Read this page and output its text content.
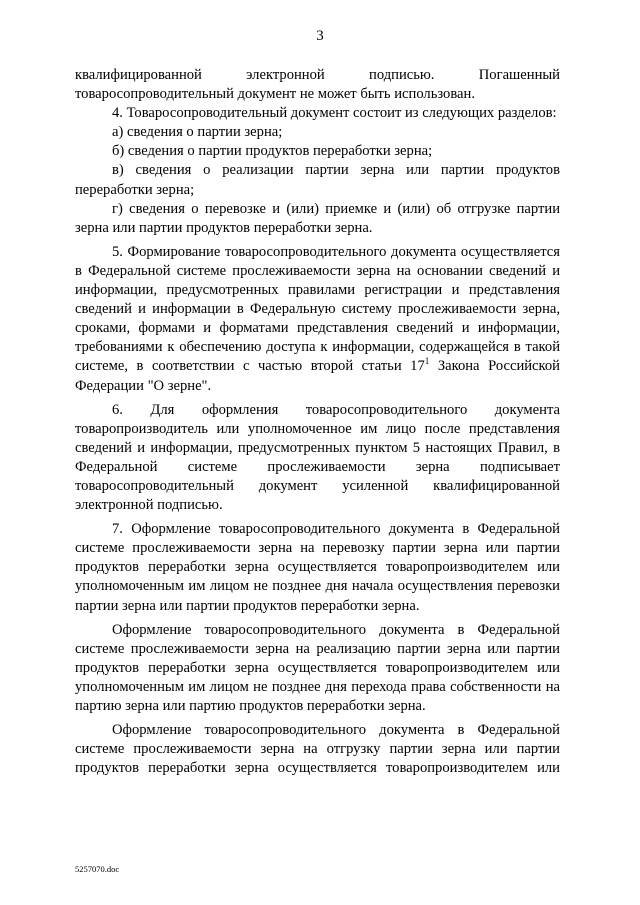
3

квалифицированной электронной подписью. Погашенный товаросопроводительный документ не может быть использован.

4. Товаросопроводительный документ состоит из следующих разделов:

а) сведения о партии зерна;

б) сведения о партии продуктов переработки зерна;

в) сведения о реализации партии зерна или партии продуктов переработки зерна;

г) сведения о перевозке и (или) приемке и (или) об отгрузке партии зерна или партии продуктов переработки зерна.

5. Формирование товаросопроводительного документа осуществляется в Федеральной системе прослеживаемости зерна на основании сведений и информации, предусмотренных правилами регистрации и представления сведений и информации в Федеральную систему прослеживаемости зерна, сроками, формами и форматами представления сведений и информации, требованиями к обеспечению доступа к информации, содержащейся в такой системе, в соответствии с частью второй статьи $17^1$ Закона Российской Федерации "О зерне".

6. Для оформления товаросопроводительного документа товаропроизводитель или уполномоченное им лицо после представления сведений и информации, предусмотренных пунктом 5 настоящих Правил, в Федеральной системе прослеживаемости зерна подписывает товаросопроводительный документ усиленной квалифицированной электронной подписью.

7. Оформление товаросопроводительного документа в Федеральной системе прослеживаемости зерна на перевозку партии зерна или партии продуктов переработки зерна осуществляется товаропроизводителем или уполномоченным им лицом не позднее дня начала осуществления перевозки партии зерна или партии продуктов переработки зерна.

Оформление товаросопроводительного документа в Федеральной системе прослеживаемости зерна на реализацию партии зерна или партии продуктов переработки зерна осуществляется товаропроизводителем или уполномоченным им лицом не позднее дня перехода права собственности на партию зерна или партию продуктов переработки зерна.

Оформление товаросопроводительного документа в Федеральной системе прослеживаемости зерна на отгрузку партии зерна или партии продуктов переработки зерна осуществляется товаропроизводителем или

5257070.doc
